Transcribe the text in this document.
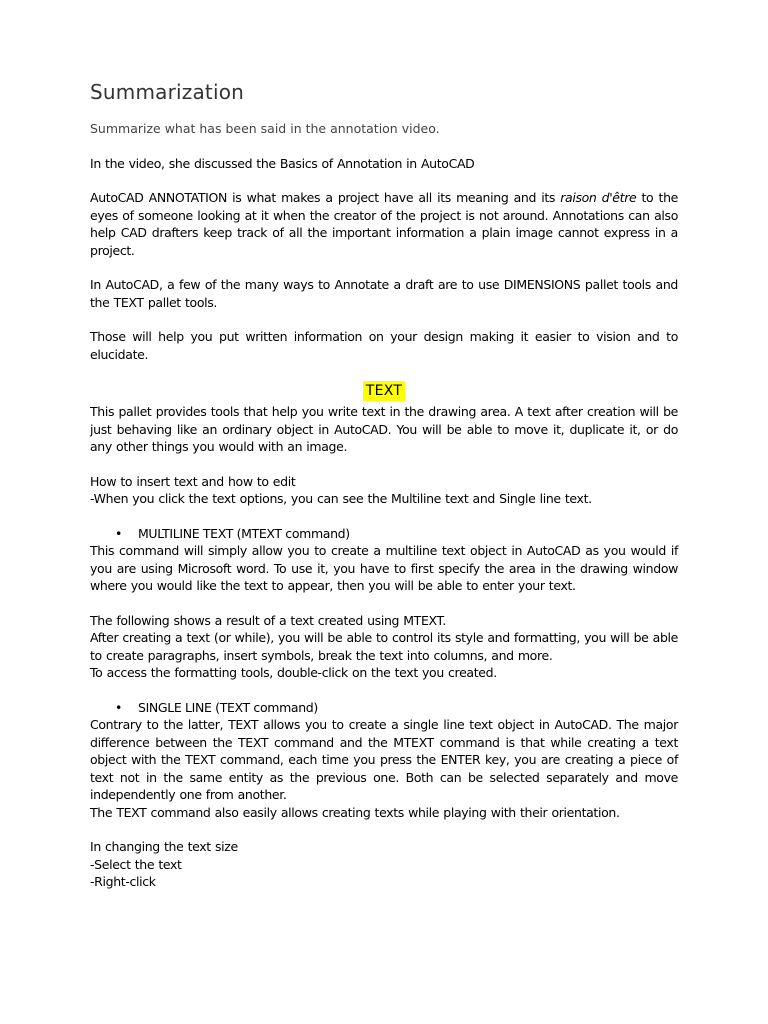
Summarization
Summarize what has been said in the annotation video.

In the video, she discussed the Basics of Annotation in AutoCAD

AutoCAD ANNOTATION is what makes a project have all its meaning and its raison d'être to the eyes of someone looking at it when the creator of the project is not around. Annotations can also help CAD drafters keep track of all the important information a plain image cannot express in a project.

In AutoCAD, a few of the many ways to Annotate a draft are to use DIMENSIONS pallet tools and the TEXT pallet tools.

Those will help you put written information on your design making it easier to vision and to elucidate.

TEXT

This pallet provides tools that help you write text in the drawing area. A text after creation will be just behaving like an ordinary object in AutoCAD. You will be able to move it, duplicate it, or do any other things you would with an image.

How to insert text and how to edit
-When you click the text options, you can see the Multiline text and Single line text.

• MULTILINE TEXT (MTEXT command)

This command will simply allow you to create a multiline text object in AutoCAD as you would if you are using Microsoft word. To use it, you have to first specify the area in the drawing window where you would like the text to appear, then you will be able to enter your text.

The following shows a result of a text created using MTEXT.
After creating a text (or while), you will be able to control its style and formatting, you will be able to create paragraphs, insert symbols, break the text into columns, and more.
To access the formatting tools, double-click on the text you created.

• SINGLE LINE (TEXT command)

Contrary to the latter, TEXT allows you to create a single line text object in AutoCAD. The major difference between the TEXT command and the MTEXT command is that while creating a text object with the TEXT command, each time you press the ENTER key, you are creating a piece of text not in the same entity as the previous one. Both can be selected separately and move independently one from another.
The TEXT command also easily allows creating texts while playing with their orientation.

In changing the text size
-Select the text
-Right-click
